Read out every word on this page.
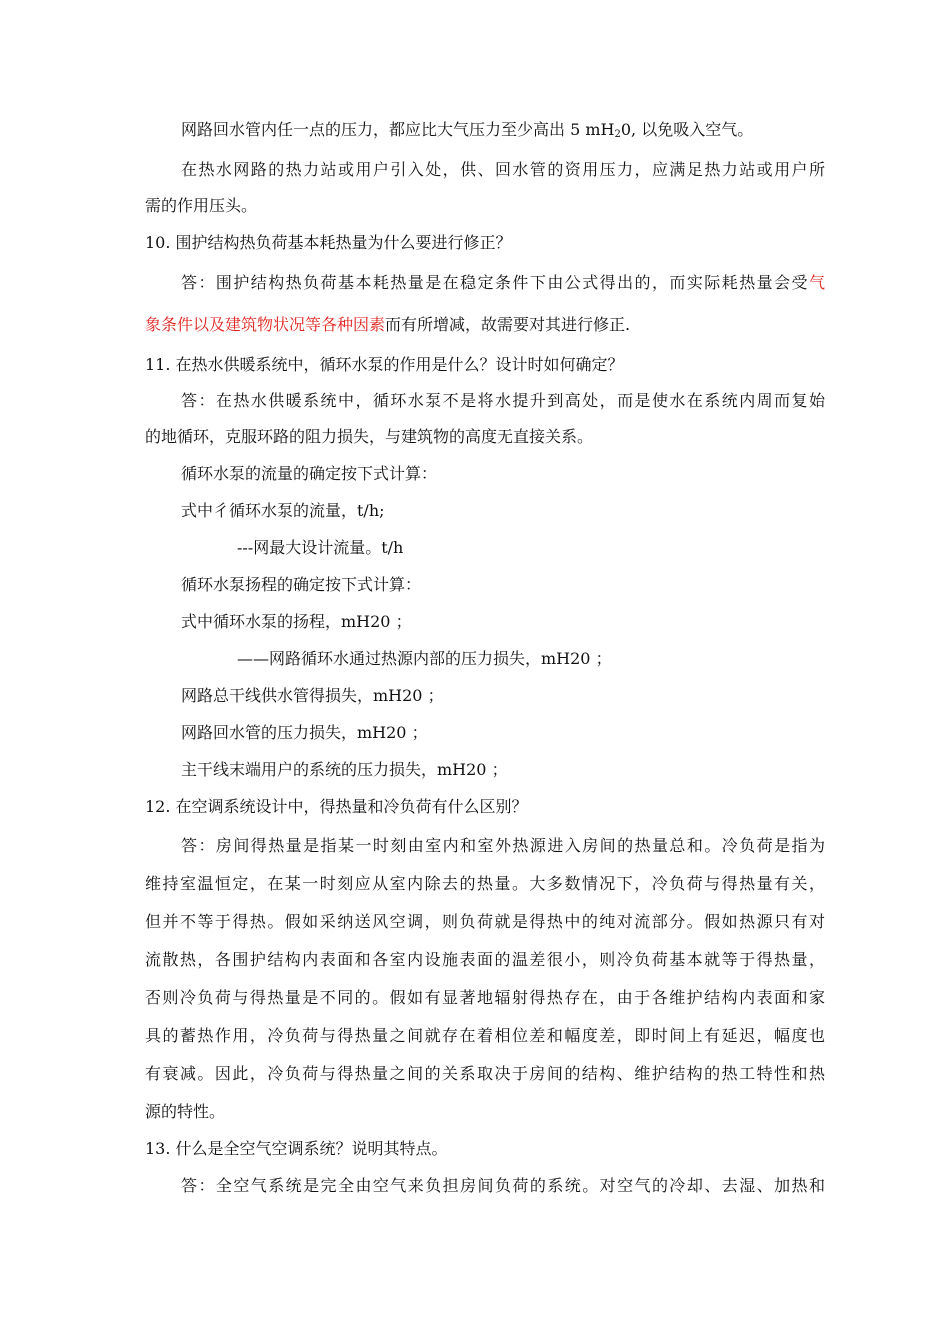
网路回水管内任一点的压力，都应比大气压力至少高出 5 $mH_20$, 以免吸入空气。
在热水网路的热力站或用户引入处，供、回水管的资用压力，应满足热力站或用户所
需的作用压头。
10. 围护结构热负荷基本耗热量为什么要进行修正？
答：围护结构热负荷基本耗热量是在稳定条件下由公式得出的，而实际耗热量会受气
象条件以及建筑物状况等各种因素而有所增减，故需要对其进行修正.
11. 在热水供暖系统中，循环水泵的作用是什么？设计时如何确定？
答：在热水供暖系统中，循环水泵不是将水提升到高处，而是使水在系统内周而复始
的地循环，克服环路的阻力损失，与建筑物的高度无直接关系。
循环水泵的流量的确定按下式计算：
式中彳循环水泵的流量，t/h;
---网最大设计流量。t/h
循环水泵扬程的确定按下式计算：
式中循环水泵的扬程，mH20 ；
——网路循环水通过热源内部的压力损失，mH20 ；
网路总干线供水管得损失，mH20 ；
网路回水管的压力损失，mH20 ；
主干线末端用户的系统的压力损失，mH20 ；
12. 在空调系统设计中，得热量和冷负荷有什么区别？
答：房间得热量是指某一时刻由室内和室外热源进入房间的热量总和。冷负荷是指为
维持室温恒定，在某一时刻应从室内除去的热量。大多数情况下，冷负荷与得热量有关，
但并不等于得热。假如采纳送风空调，则负荷就是得热中的纯对流部分。假如热源只有对
流散热，各围护结构内表面和各室内设施表面的温差很小，则冷负荷基本就等于得热量，
否则冷负荷与得热量是不同的。假如有显著地辐射得热存在，由于各维护结构内表面和家
具的蓄热作用，冷负荷与得热量之间就存在着相位差和幅度差，即时间上有延迟，幅度也
有衰减。因此，冷负荷与得热量之间的关系取决于房间的结构、维护结构的热工特性和热
源的特性。
13. 什么是全空气空调系统？说明其特点。
答：全空气系统是完全由空气来负担房间负荷的系统。对空气的冷却、去湿、加热和
